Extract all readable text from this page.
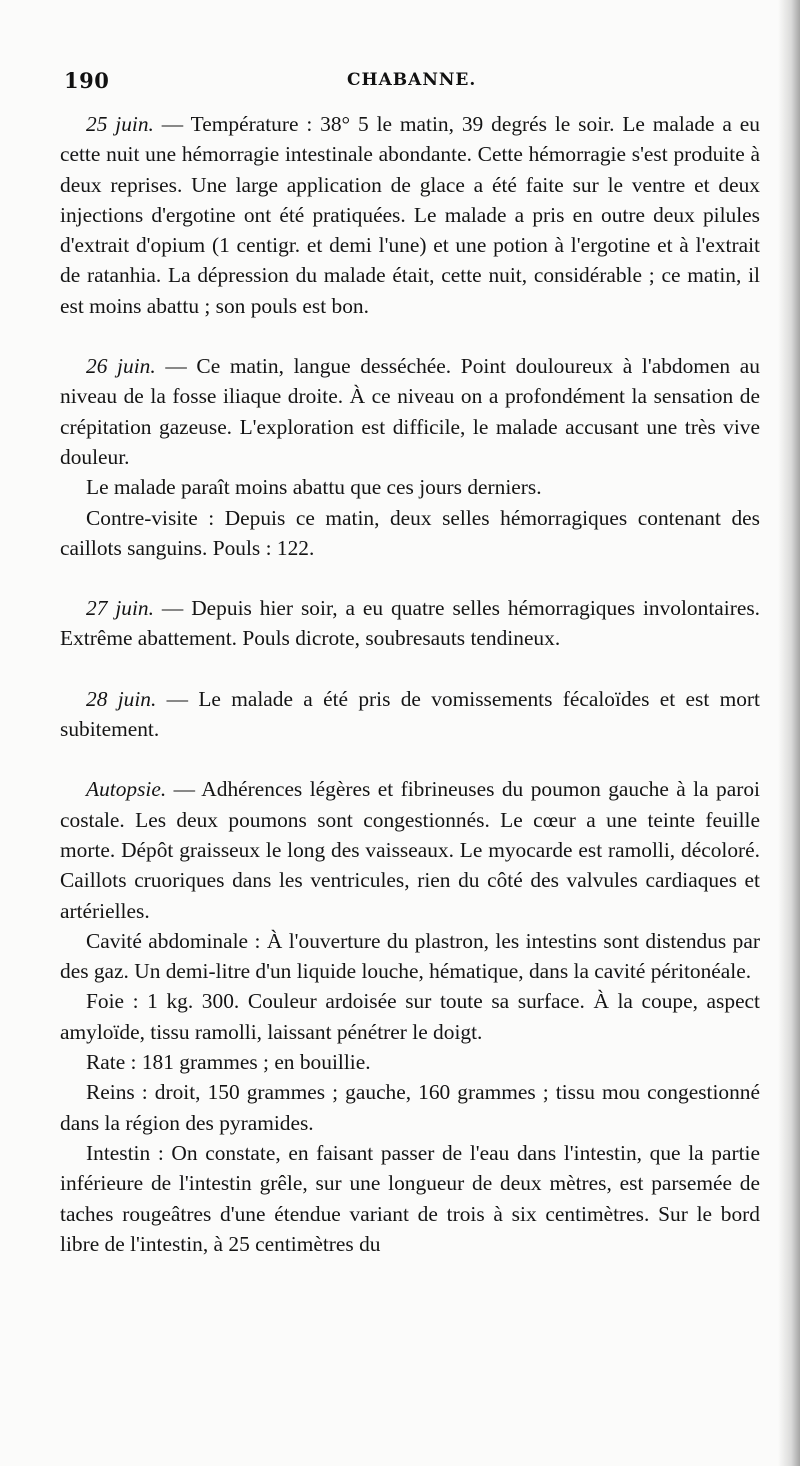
190	CHABANNE.

25 juin. — Température : 38° 5 le matin, 39 degrés le soir. Le malade a eu cette nuit une hémorragie intestinale abondante. Cette hémorragie s'est produite à deux reprises. Une large application de glace a été faite sur le ventre et deux injections d'ergotine ont été pratiquées. Le malade a pris en outre deux pilules d'extrait d'opium (1 centigr. et demi l'une) et une potion à l'ergotine et à l'extrait de ratanhia. La dépression du malade était, cette nuit, considérable ; ce matin, il est moins abattu ; son pouls est bon.

26 juin. — Ce matin, langue desséchée. Point douloureux à l'abdomen au niveau de la fosse iliaque droite. À ce niveau on a profondément la sensation de crépitation gazeuse. L'exploration est difficile, le malade accusant une très vive douleur.

Le malade paraît moins abattu que ces jours derniers.

Contre-visite : Depuis ce matin, deux selles hémorragiques contenant des caillots sanguins. Pouls : 122.

27 juin. — Depuis hier soir, a eu quatre selles hémorragiques involontaires. Extrême abattement. Pouls dicrote, soubresauts tendineux.

28 juin. — Le malade a été pris de vomissements fécaloïdes et est mort subitement.

Autopsie. — Adhérences légères et fibrineuses du poumon gauche à la paroi costale. Les deux poumons sont congestionnés. Le cœur a une teinte feuille morte. Dépôt graisseux le long des vaisseaux. Le myocarde est ramolli, décoloré. Caillots cruoriques dans les ventricules, rien du côté des valvules cardiaques et artérielles.

Cavité abdominale : À l'ouverture du plastron, les intestins sont distendus par des gaz. Un demi-litre d'un liquide louche, hématique, dans la cavité péritonéale.

Foie : 1 kg. 300. Couleur ardoisée sur toute sa surface. À la coupe, aspect amyloïde, tissu ramolli, laissant pénétrer le doigt.

Rate : 181 grammes ; en bouillie.

Reins : droit, 150 grammes ; gauche, 160 grammes ; tissu mou congestionné dans la région des pyramides.

Intestin : On constate, en faisant passer de l'eau dans l'intestin, que la partie inférieure de l'intestin grêle, sur une longueur de deux mètres, est parsemée de taches rougeâtres d'une étendue variant de trois à six centimètres. Sur le bord libre de l'intestin, à 25 centimètres du
